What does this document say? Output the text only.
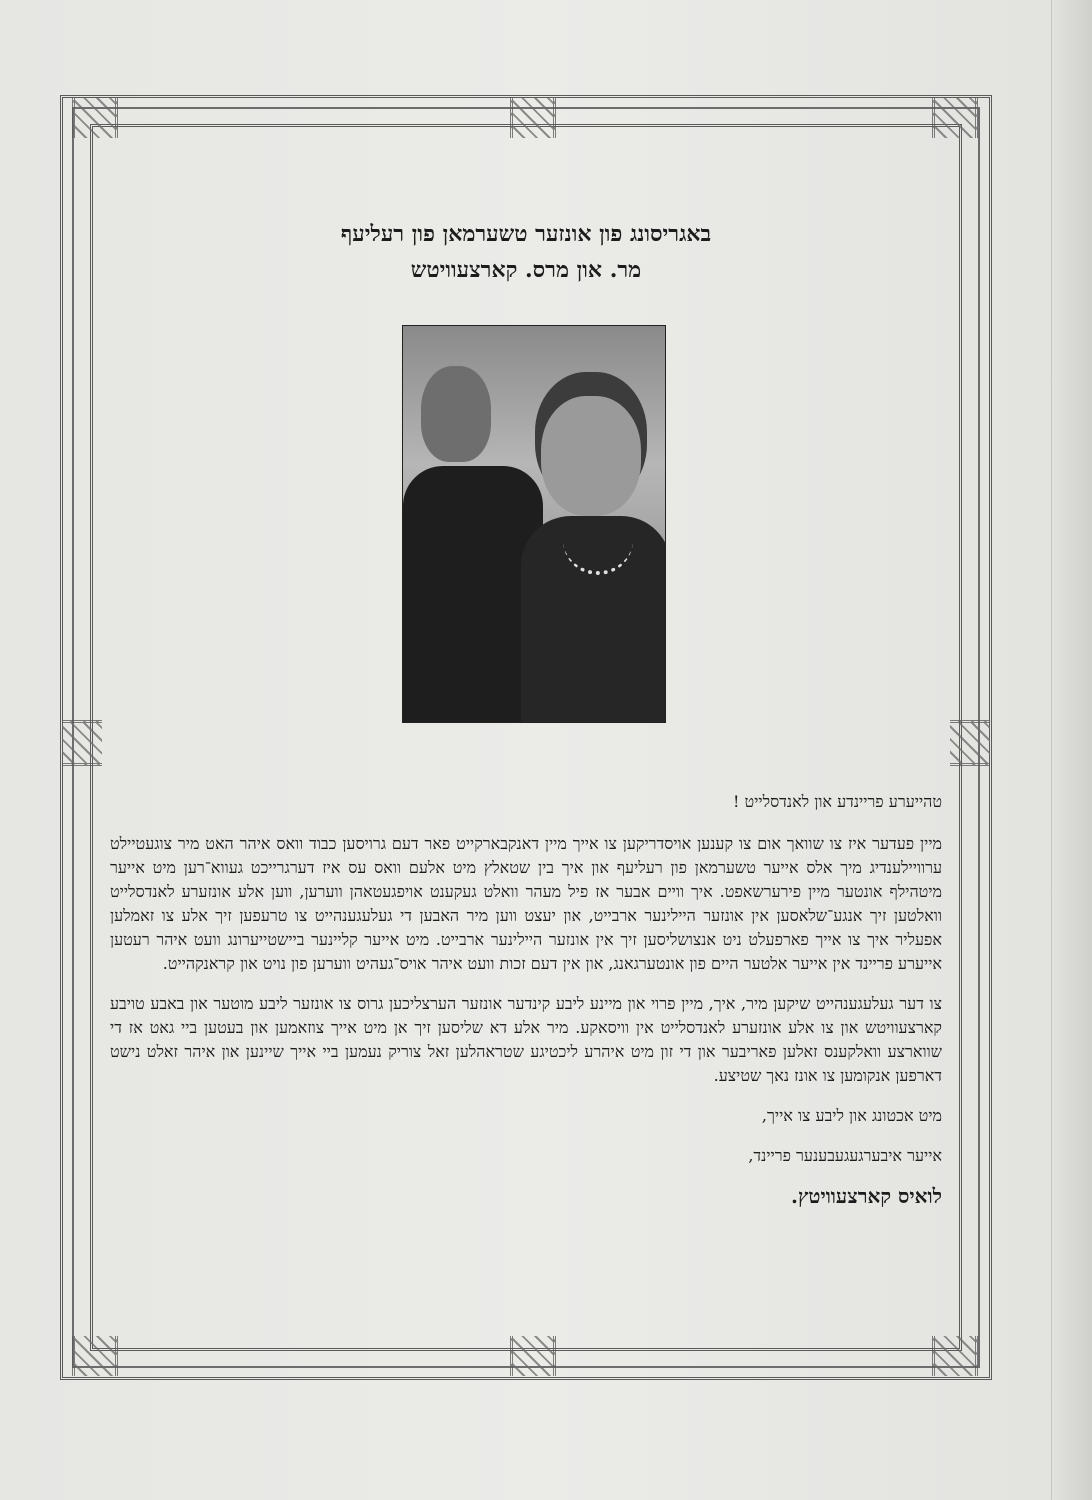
באגריסונג פון אונזער טשערמאן פון רעליעף
מר. און מרס. קארצעוויטש

טהייערע פריינדע און לאנדסלייט !

מיין פעדער איז צו שוואך אום צו קענען אויסדריקען צו אייך מיין דאנקבארקייט פאר דעם גרויסען כבוד וואס איהר האט מיר צוגעטיילט ערוויילענדיג מיך אלס אייער טשערמאן פון רעליעף און איך בין שטאלץ מיט אלעם וואס עס איז דערגרייכט געווא־רען מיט אייער מיטהילף אונטער מיין פירערשאפט. איך וויים אבער אז פיל מעהר וואלט געקענט אויפגעטאהן ווערען, ווען אלע אונזערע לאנדסלייט וואלטען זיך אנגע־שלאסען אין אונזער היילינער ארבייט, און יעצט ווען מיר האבען די געלעגענהייט צו טרעפען זיך אלע צו זאמלען אפעליר איך צו אייך פארפעלט ניט אנצושליסען זיך אין אונזער היילינער ארבייט. מיט אייער קליינער ביישטייערונג וועט איהר רעטען אייערע פריינד אין אייער אלטער היים פון אונטערגאנג, און אין דעם זכות וועט איהר אויס־געהיט ווערען פון נויט און קראנקהייט.

צו דער געלעגענהייט שיקען מיר, איך, מיין פרוי און מיינע ליבע קינדער אונזער הערצליכען גרוס צו אונזער ליבע מוטער און באבע טויבע קארצעוויטש און צו אלע אונזערע לאנדסלייט אין וויסאקע. מיר אלע דא שליסען זיך אן מיט אייך צוזאמען און בעטען ביי גאט אז די שווארצע וואלקענס זאלען פאריבער און די זון מיט איהרע ליכטיגע שטראהלען זאל צוריק נעמען ביי אייך שיינען און איהר זאלט נישט דארפען אנקומען צו אונז נאך שטיצע.

מיט אכטונג און ליבע צו אייך,

אייער איבערגעגעבענער פריינד,

לואיס קארצעוויטץ.
